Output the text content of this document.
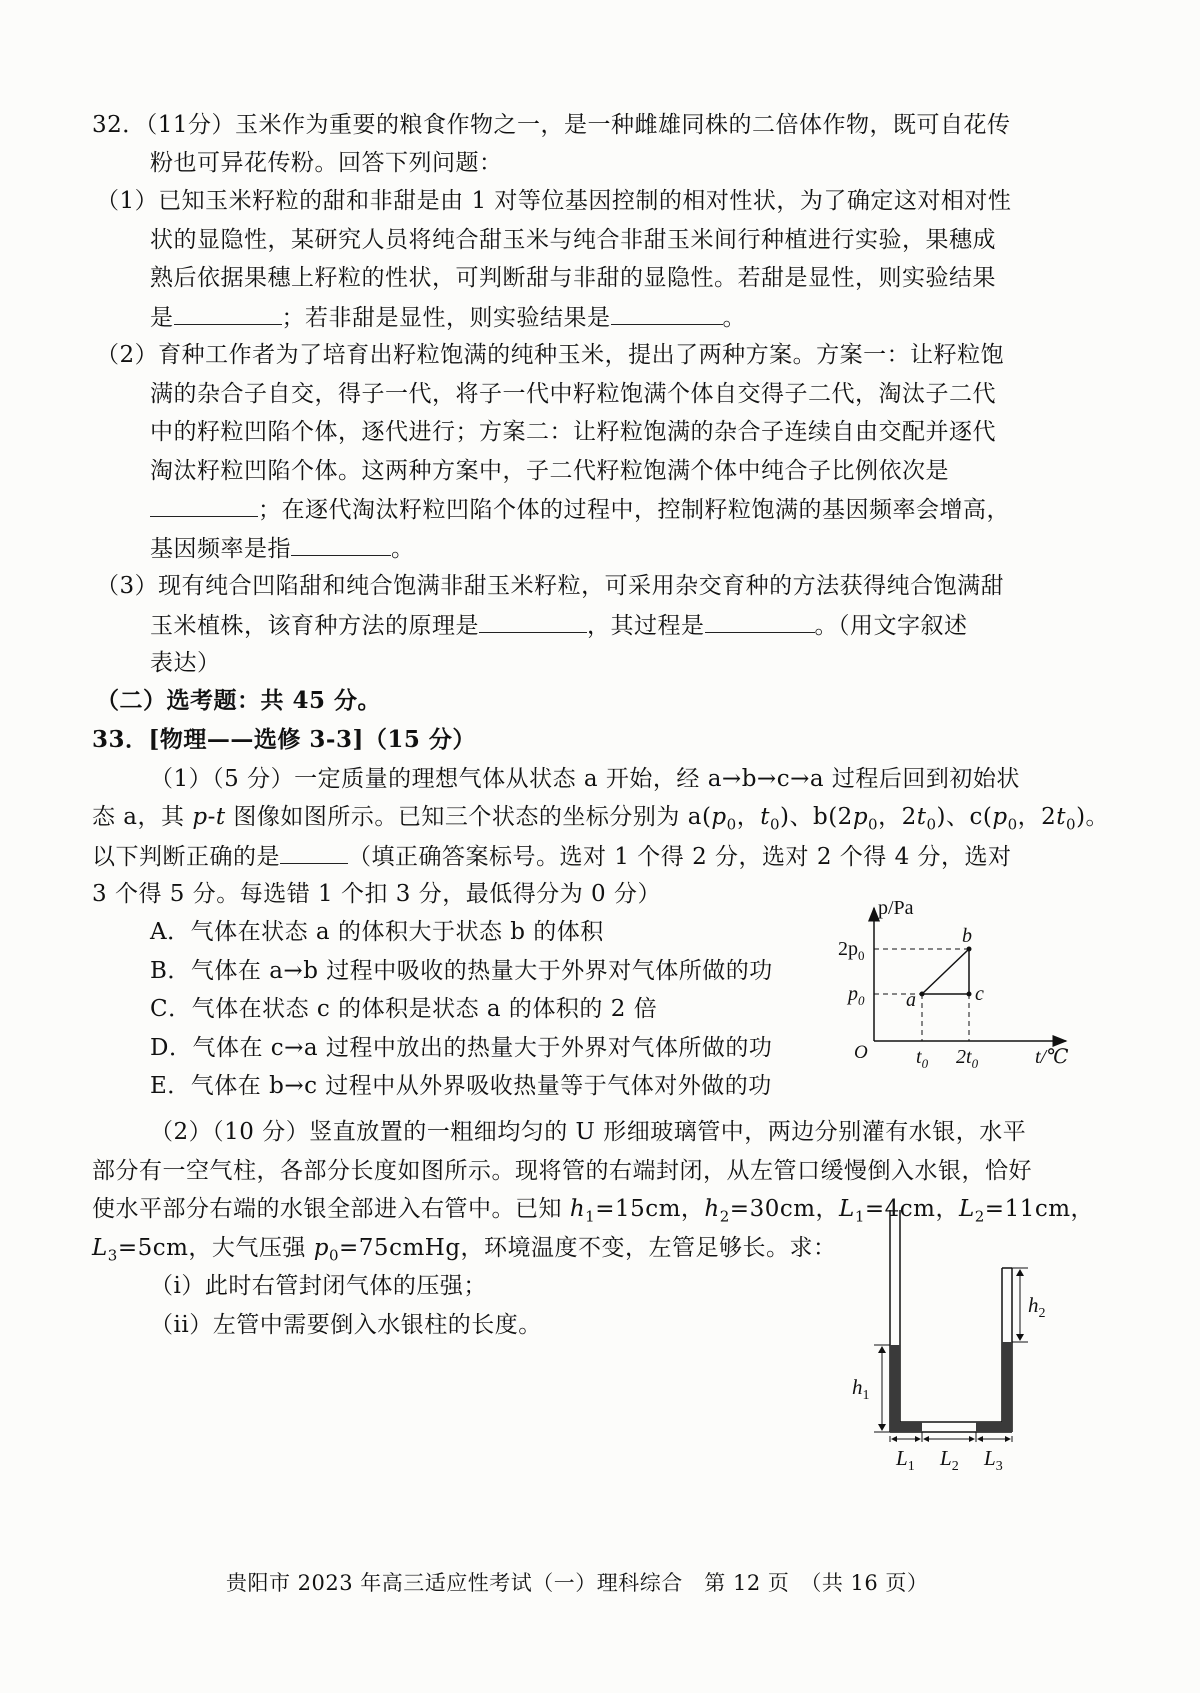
32．（11分）玉米作为重要的粮食作物之一，是一种雌雄同株的二倍体作物，既可自花传
粉也可异花传粉。回答下列问题：
（1）已知玉米籽粒的甜和非甜是由 1 对等位基因控制的相对性状，为了确定这对相对性
状的显隐性，某研究人员将纯合甜玉米与纯合非甜玉米间行种植进行实验，果穗成
熟后依据果穗上籽粒的性状，可判断甜与非甜的显隐性。若甜是显性，则实验结果
是	；若非甜是显性，则实验结果是	。
（2）育种工作者为了培育出籽粒饱满的纯种玉米，提出了两种方案。方案一：让籽粒饱
满的杂合子自交，得子一代，将子一代中籽粒饱满个体自交得子二代，淘汰子二代
中的籽粒凹陷个体，逐代进行；方案二：让籽粒饱满的杂合子连续自由交配并逐代
淘汰籽粒凹陷个体。这两种方案中，子二代籽粒饱满个体中纯合子比例依次是
；在逐代淘汰籽粒凹陷个体的过程中，控制籽粒饱满的基因频率会增高，
基因频率是指	。
（3）现有纯合凹陷甜和纯合饱满非甜玉米籽粒，可采用杂交育种的方法获得纯合饱满甜
玉米植株，该育种方法的原理是	，其过程是	。（用文字叙述
表达）
（二）选考题：共 45 分。
33．[物理——选修 3-3]（15 分）
（1）（5 分）一定质量的理想气体从状态 a 开始，经 a→b→c→a 过程后回到初始状
态 a，其 p-t 图像如图所示。已知三个状态的坐标分别为 $a(p_0$，$t_0$)、$b(2p_0$，$2t_0$)、$c(p_0$，$2t_0$)。
以下判断正确的是	（填正确答案标号。选对 1 个得 2 分，选对 2 个得 4 分，选对
3 个得 5 分。每选错 1 个扣 3 分，最低得分为 0 分）
A．气体在状态 a 的体积大于状态 b 的体积
B．气体在 a→b 过程中吸收的热量大于外界对气体所做的功
C．气体在状态 c 的体积是状态 a 的体积的 2 倍
D．气体在 c→a 过程中放出的热量大于外界对气体所做的功
E．气体在 b→c 过程中从外界吸收热量等于气体对外做的功
p/Pa
t/℃
O
$2p_0$
$p_0$
$t_0$ $2t_0$
a
b
c
（2）（10 分）竖直放置的一粗细均匀的 U 形细玻璃管中，两边分别灌有水银，水平
部分有一空气柱，各部分长度如图所示。现将管的右端封闭，从左管口缓慢倒入水银，恰好
使水平部分右端的水银全部进入右管中。已知 $h_1=15cm$，$h_2=30cm$，$L_1=4cm$，$L_2=11cm$，
$L_3=5cm$，大气压强 $p_0=75cmHg$，环境温度不变，左管足够长。求：
（i）此时右管封闭气体的压强；
（ii）左管中需要倒入水银柱的长度。
$h_1$
$h_2$
$L_1$ $L_2$ $L_3$
贵阳市 2023 年高三适应性考试（一）理科综合　第 12 页　（共 16 页）
